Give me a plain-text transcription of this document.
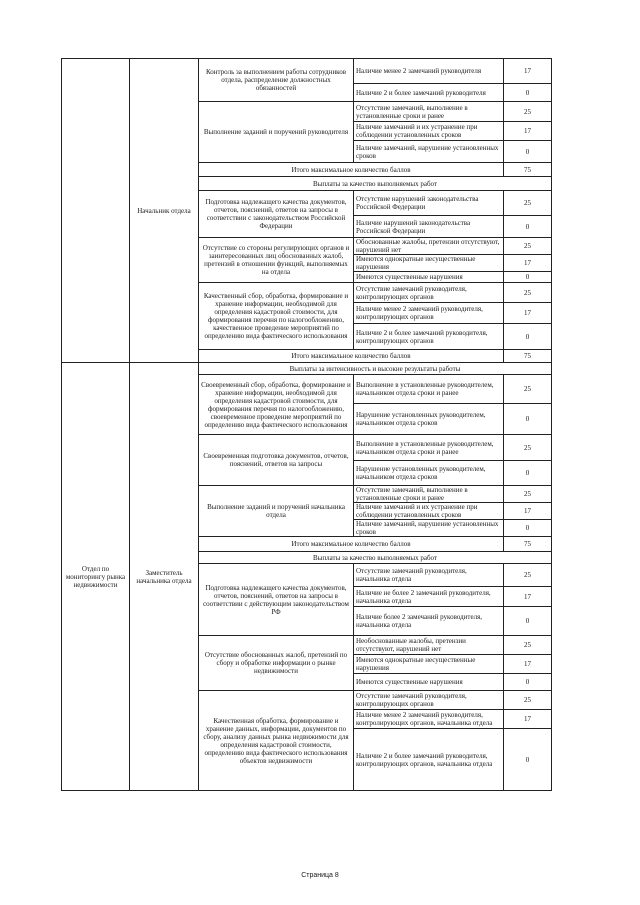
	Начальник отдела	Контроль за выполнением работы сотрудников отдела, распределение должностных обязанностей	Наличие менее 2 замечаний руководителя	17
			Наличие 2 и более замечаний руководителя	0
		Выполнение заданий и поручений руководителя	Отсутствие замечаний, выполнение в установленные сроки и ранее	25
			Наличие замечаний и их устранение при соблюдении установленных сроков	17
			Наличие замечаний, нарушение установленных сроков	0
		Итого максимальное количество баллов		75
		Выплаты за качество выполняемых работ		
		Подготовка надлежащего качества документов, отчетов, пояснений, ответов на запросы в соответствии с законодательством Российской Федерации	Отсутствие нарушений законодательства Российской Федерации	25
			Наличие нарушений законодательства Российской Федерации	0
		Отсутствие со стороны регулирующих органов и заинтересованных лиц обоснованных жалоб, претензий в отношении функций, выполняемых на отдела	Обоснованные жалобы, претензии отсутствуют, нарушений нет	25
			Имеются однократные несущественные нарушения	17
			Имеются существенные нарушения	0
		Качественный сбор, обработка, формирование и хранение информации, необходимой для определения кадастровой стоимости, для формирования перечня по налогообложению, качественное проведение мероприятий по определению вида фактического использования	Отсутствие замечаний руководителя, контролирующих органов	25
			Наличие менее 2 замечаний руководителя, контролирующих органов	17
			Наличие 2 и более замечаний руководителя, контролирующих органов	0
		Итого максимальное количество баллов		75
Отдел по мониторингу рынка недвижимости	Заместитель начальника отдела	Выплаты за интенсивность и высокие результаты работы		
		Своевременный сбор, обработка, формирование и хранение информации, необходимой для определения кадастровой стоимости, для формирования перечня по налогообложению, своевременное проведение мероприятий по определению вида фактического использования	Выполнение в установленные руководителем, начальником отдела сроки и ранее	25
			Нарушение установленных руководителем, начальником отдела сроков	0
		Своевременная подготовка документов, отчетов, пояснений, ответов на запросы	Выполнение в установленные руководителем, начальником отдела сроки и ранее	25
			Нарушение установленных руководителем, начальником отдела сроков	0
		Выполнение заданий и поручений начальника отдела	Отсутствие замечаний, выполнение в установленные сроки и ранее	25
			Наличие замечаний и их устранение при соблюдении установленных сроков	17
			Наличие замечаний, нарушение установленных сроков	0
		Итого максимальное количество баллов		75
		Выплаты за качество выполняемых работ		
		Подготовка надлежащего качества документов, отчетов, пояснений, ответов на запросы в соответствии с действующим законодательством РФ	Отсутствие замечаний руководителя, начальника отдела	25
			Наличие не более 2 замечаний руководителя, начальника отдела	17
			Наличие более 2 замечаний руководителя, начальника отдела	0
		Отсутствие обоснованных жалоб, претензий по сбору и обработке информации о рынке недвижимости	Необоснованные жалобы, претензии отсутствуют, нарушений нет	25
			Имеются однократные несущественные нарушения	17
			Имеются существенные нарушения	0
		Качественная обработка, формирование и хранение данных, информации, документов по сбору, анализу данных рынка недвижимости для определения кадастровой стоимости, определению вида фактического использования объектов недвижимости	Отсутствие замечаний руководителя, контролирующих органов	25
			Наличие менее 2 замечаний руководителя, контролирующих органов, начальника отдела	17
			Наличие 2 и более замечаний руководителя, контролирующих органов, начальника отдела	0
Страница 8
